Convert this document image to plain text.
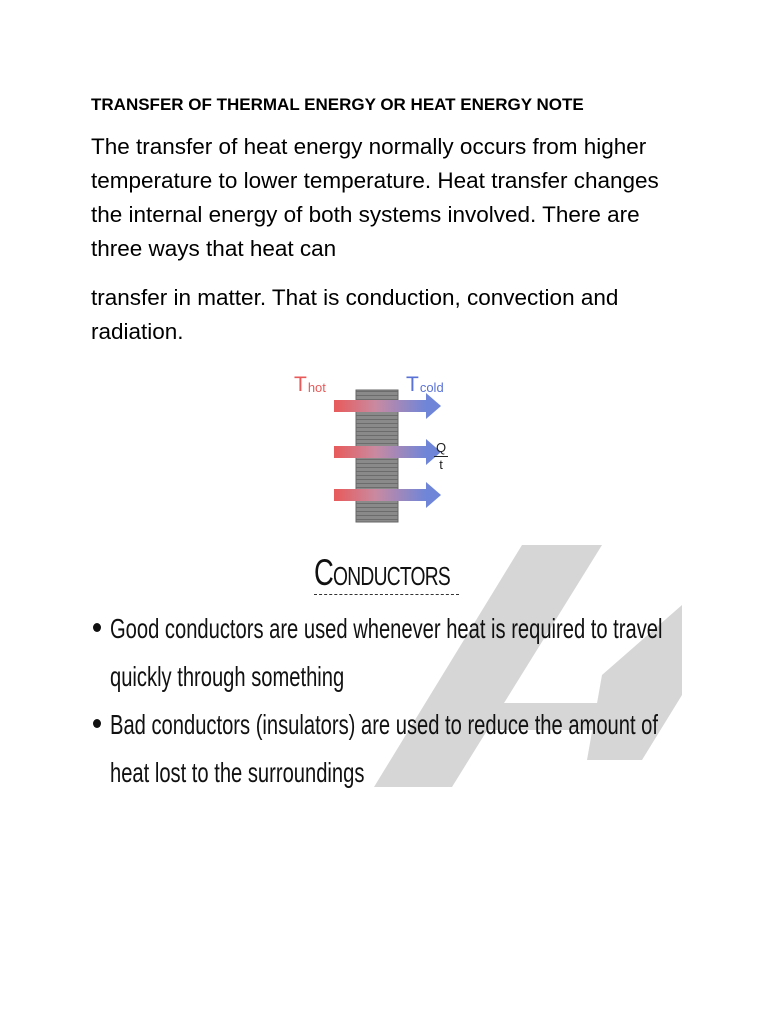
TRANSFER OF THERMAL ENERGY OR HEAT ENERGY NOTE

The transfer of heat energy normally occurs from higher temperature to lower temperature. Heat transfer changes the internal energy of both systems involved. There are three ways that heat can

transfer in matter. That is conduction, convection and radiation.

$T_{hot}$	$T_{cold}$
$\frac{Q}{t}$
Conductors
Good conductors are used whenever heat is required to travel quickly through something
Bad conductors (insulators) are used to reduce the amount of heat lost to the surroundings
